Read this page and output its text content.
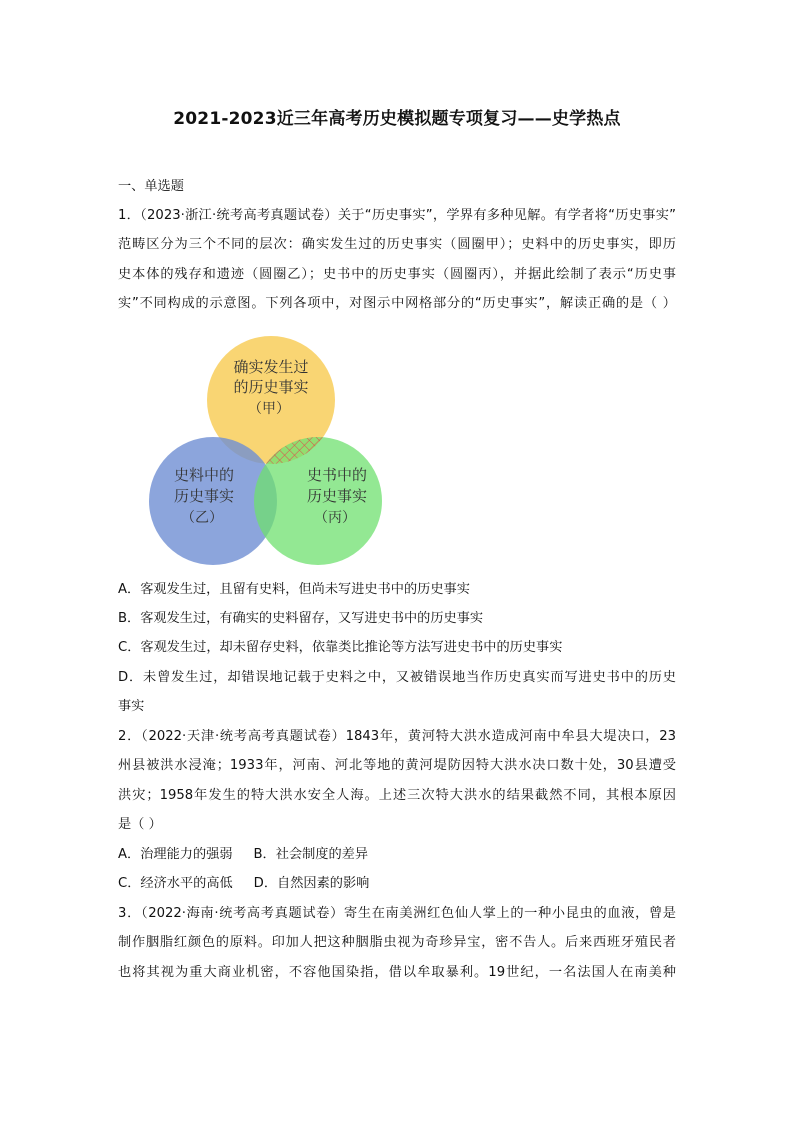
2021-2023近三年高考历史模拟题专项复习——史学热点
一、单选题
1．（2023·浙江·统考高考真题试卷）关于“历史事实”，学界有多种见解。有学者将“历史事实”
范畴区分为三个不同的层次：确实发生过的历史事实（圆圈甲）；史料中的历史事实，即历
史本体的残存和遗迹（圆圈乙）；史书中的历史事实（圆圈丙），并据此绘制了表示“历史事
实”不同构成的示意图。下列各项中，对图示中网格部分的“历史事实”，解读正确的是（ ）
确实发生过
的历史事实
（甲）
史料中的
历史事实
（乙）
史书中的
历史事实
（丙）
A．客观发生过，且留有史料，但尚未写进史书中的历史事实
B．客观发生过，有确实的史料留存，又写进史书中的历史事实
C．客观发生过，却未留存史料，依靠类比推论等方法写进史书中的历史事实
D．未曾发生过，却错误地记载于史料之中，又被错误地当作历史真实而写进史书中的历史
事实
2．（2022·天津·统考高考真题试卷）1843年，黄河特大洪水造成河南中牟县大堤决口，23
州县被洪水浸淹；1933年，河南、河北等地的黄河堤防因特大洪水决口数十处，30县遭受
洪灾；1958年发生的特大洪水安全人海。上述三次特大洪水的结果截然不同，其根本原因
是（ ）
A．治理能力的强弱     B．社会制度的差异
C．经济水平的高低     D．自然因素的影响
3．（2022·海南·统考高考真题试卷）寄生在南美洲红色仙人掌上的一种小昆虫的血液，曾是
制作胭脂红颜色的原料。印加人把这种胭脂虫视为奇珍异宝，密不告人。后来西班牙殖民者
也将其视为重大商业机密，不容他国染指，借以牟取暴利。19世纪，一名法国人在南美种
